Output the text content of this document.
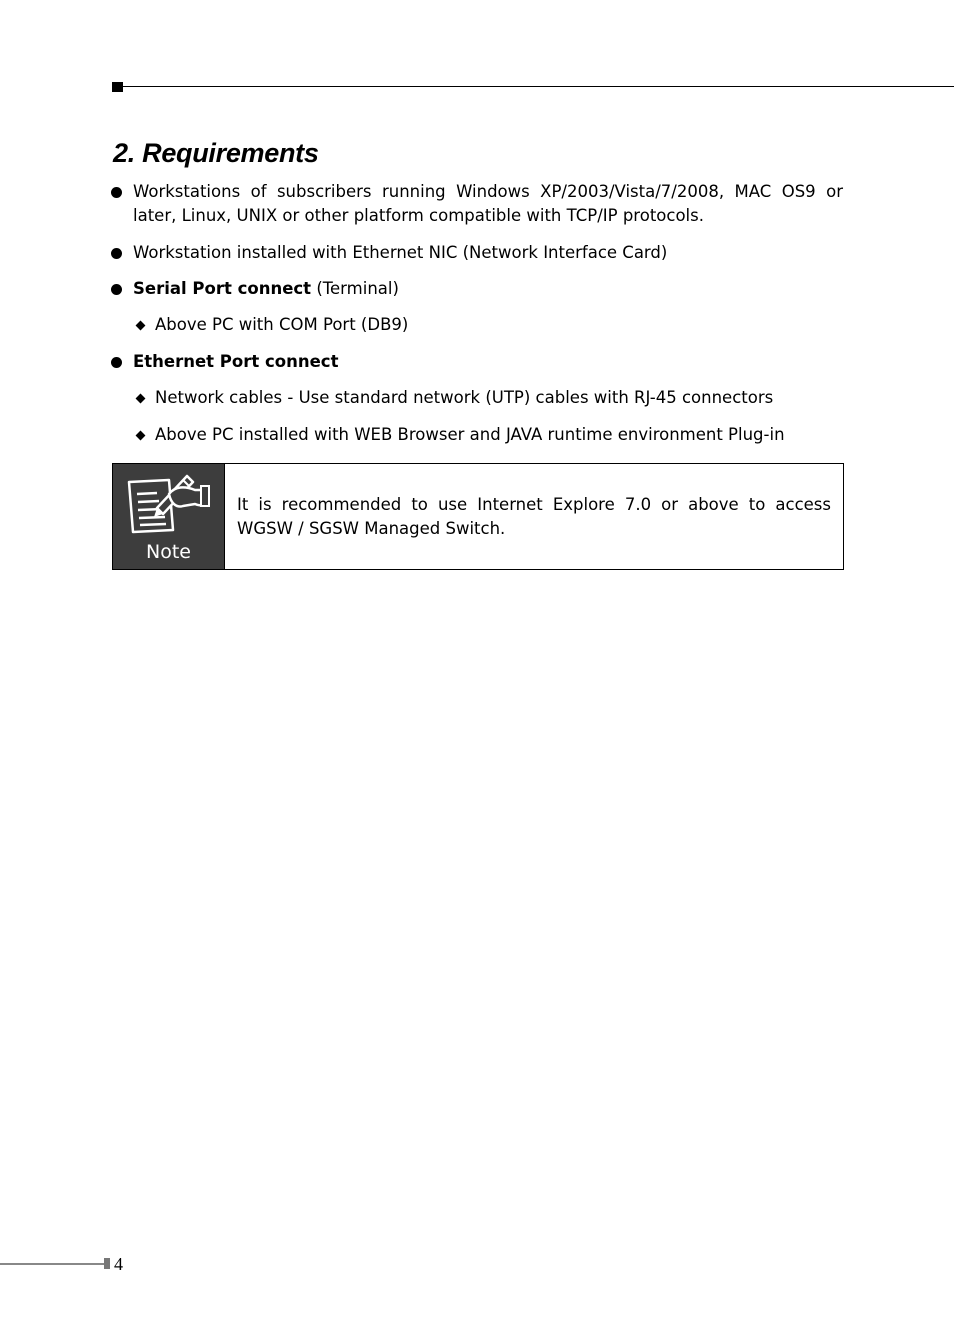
2. Requirements
Workstations of subscribers running Windows XP/2003/Vista/7/2008, MAC OS9 or later, Linux, UNIX or other platform compatible with TCP/IP protocols.
Workstation installed with Ethernet NIC (Network Interface Card)
Serial Port connect (Terminal)
Above PC with COM Port (DB9)
Ethernet Port connect
Network cables - Use standard network (UTP) cables with RJ-45 connectors
Above PC installed with WEB Browser and JAVA runtime environment Plug-in
Note
It is recommended to use Internet Explore 7.0 or above to access WGSW / SGSW Managed Switch.
4
